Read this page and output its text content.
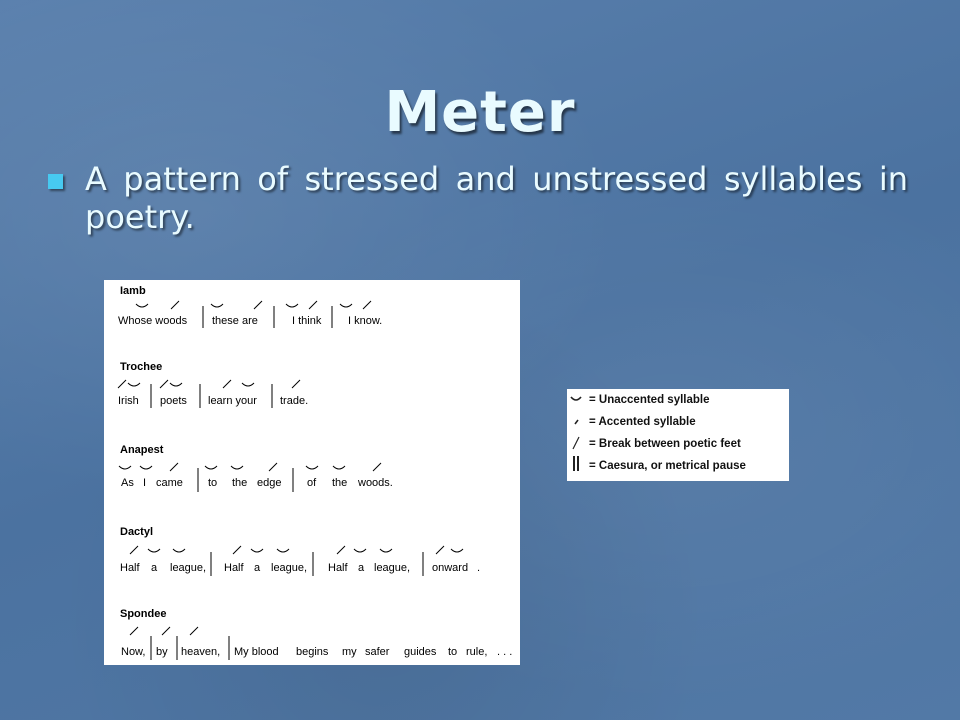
Meter
A pattern of stressed and unstressed syllables in poetry.
Iamb
Whose woods these are	I think I know.
Trochee
Irish poets learn your trade.
Anapest
As I came to the edge of the woods.
Dactyl
Half a league, Half a league, Half a league, onward .
Spondee
Now, by heaven, My blood begins my safer guides to rule, . . .
= Unaccented syllable
= Accented syllable
= Break between poetic feet
= Caesura, or metrical pause
